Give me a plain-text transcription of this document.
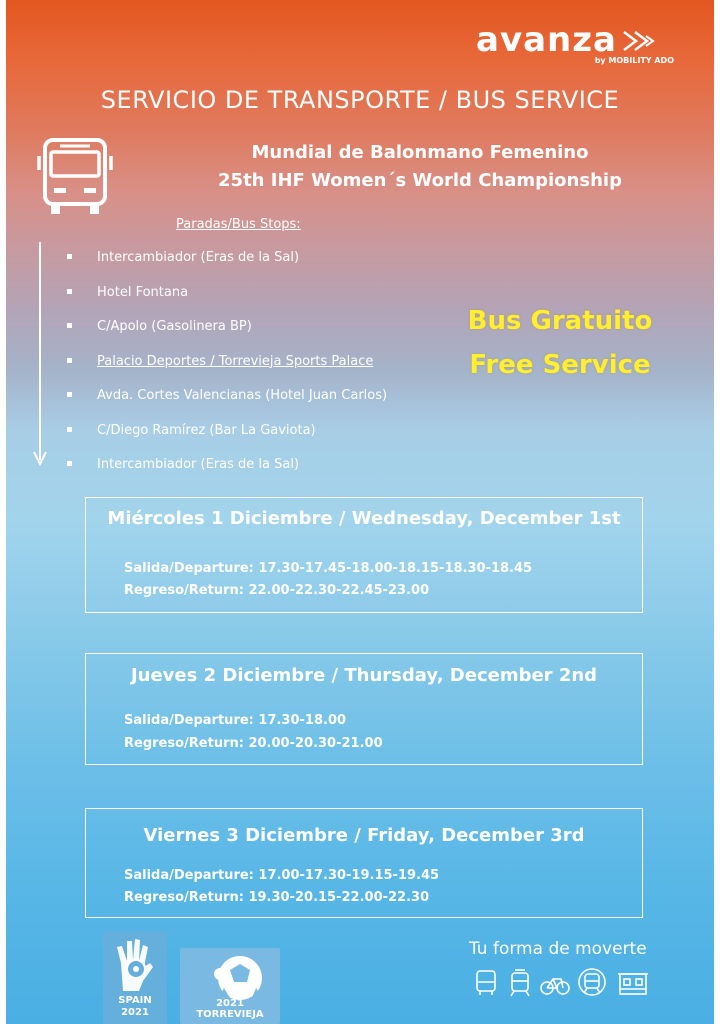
avanza
by MOBILITY ADO
SERVICIO DE TRANSPORTE / BUS SERVICE
Mundial de Balonmano Femenino
25th IHF Women´s World Championship
Paradas/Bus Stops:
Intercambiador (Eras de la Sal)
Hotel Fontana
C/Apolo (Gasolinera BP)
Palacio Deportes / Torrevieja Sports Palace
Avda. Cortes Valencianas (Hotel Juan Carlos)
C/Diego Ramírez (Bar La Gaviota)
Intercambiador (Eras de la Sal)
Bus Gratuito
Free Service
Miércoles 1 Diciembre / Wednesday, December 1st
Salida/Departure: 17.30-17.45-18.00-18.15-18.30-18.45
Regreso/Return: 22.00-22.30-22.45-23.00
Jueves 2 Diciembre / Thursday, December 2nd
Salida/Departure: 17.30-18.00
Regreso/Return: 20.00-20.30-21.00
Viernes 3 Diciembre / Friday, December 3rd
Salida/Departure: 17.00-17.30-19.15-19.45
Regreso/Return: 19.30-20.15-22.00-22.30
SPAIN
2021
2021
TORREVIEJA
Tu forma de moverte
